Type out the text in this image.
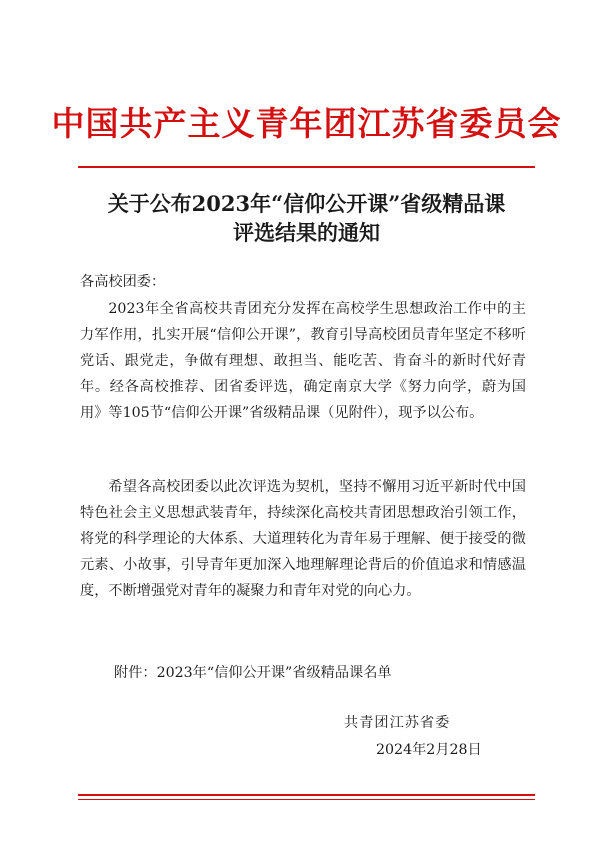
中国共产主义青年团江苏省委员会
关于公布2023年“信仰公开课”省级精品课
评选结果的通知
各高校团委：
2023年全省高校共青团充分发挥在高校学生思想政治工作中的主力军作用，扎实开展“信仰公开课”，教育引导高校团员青年坚定不移听党话、跟党走，争做有理想、敢担当、能吃苦、肯奋斗的新时代好青年。经各高校推荐、团省委评选，确定南京大学《努力向学，蔚为国用》等105节“信仰公开课”省级精品课（见附件），现予以公布。
希望各高校团委以此次评选为契机，坚持不懈用习近平新时代中国特色社会主义思想武装青年，持续深化高校共青团思想政治引领工作，将党的科学理论的大体系、大道理转化为青年易于理解、便于接受的微元素、小故事，引导青年更加深入地理解理论背后的价值追求和情感温度，不断增强党对青年的凝聚力和青年对党的向心力。
附件：2023年“信仰公开课”省级精品课名单
共青团江苏省委
2024年2月28日
